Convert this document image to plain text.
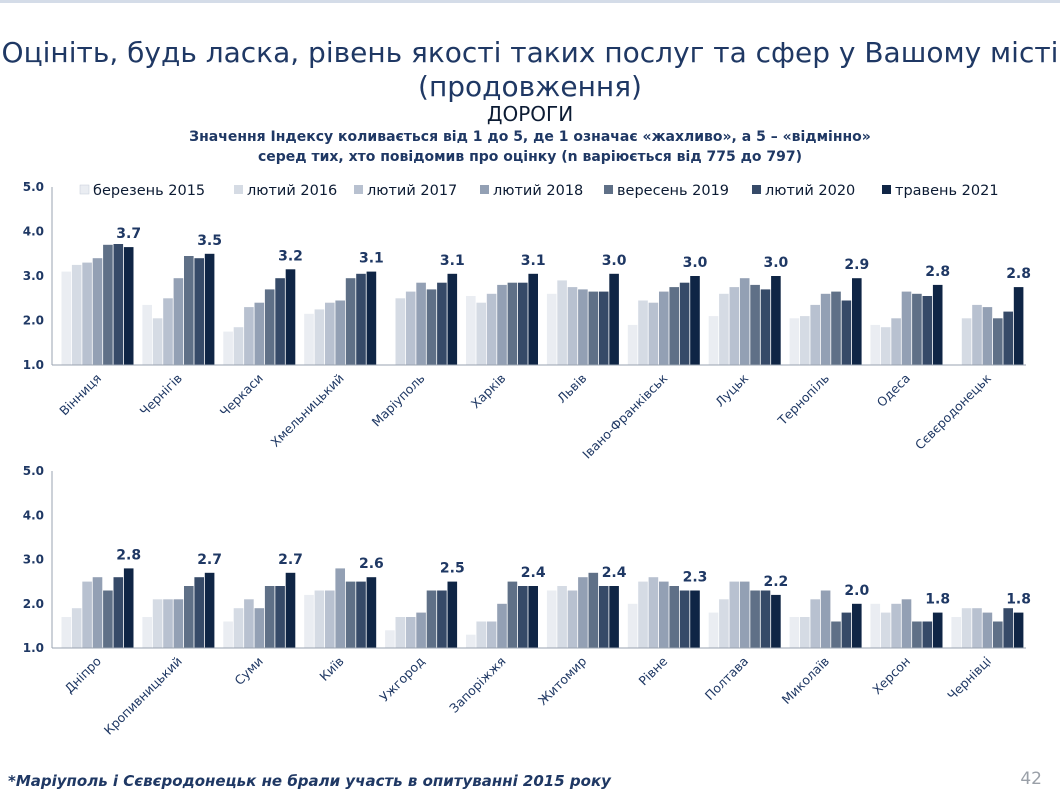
Оцініть, будь ласка, рівень якості таких послуг та сфер у Вашому місті
(продовження)
ДОРОГИ
Значення Індексу коливається від 1 до 5, де 1 означає «жахливо», а 5 – «відмінно»
серед тих, хто повідомив про оцінку (n варіюється від 775 до 797)
1.0
2.0
3.0
4.0
5.0
3.7
Вінниця
3.5
Чернігів
3.2
Черкаси
3.1
Хмельницький
3.1
Маріуполь
3.1
Харків
3.0
Львів
3.0
Івано-Франківськ
3.0
Луцьк
2.9
Тернопіль
2.8
Одеса
2.8
Сєвєродонецьк
березень 2015	лютий 2016 лютий 2017 лютий 2018 вересень 2019 лютий 2020	травень 2021
1.0
2.0
3.0
4.0
5.0
2.8
Дніпро
2.7
Кропивницький
2.7
Суми
2.6
Київ
2.5
Ужгород
2.4
Запоріжжя
2.4
Житомир
2.3
Рівне
2.2
Полтава
2.0
Миколаїв
1.8
Херсон
1.8
Чернівці
*Маріуполь і Сєвєродонецьк не брали участь в опитуванні 2015 року	42
